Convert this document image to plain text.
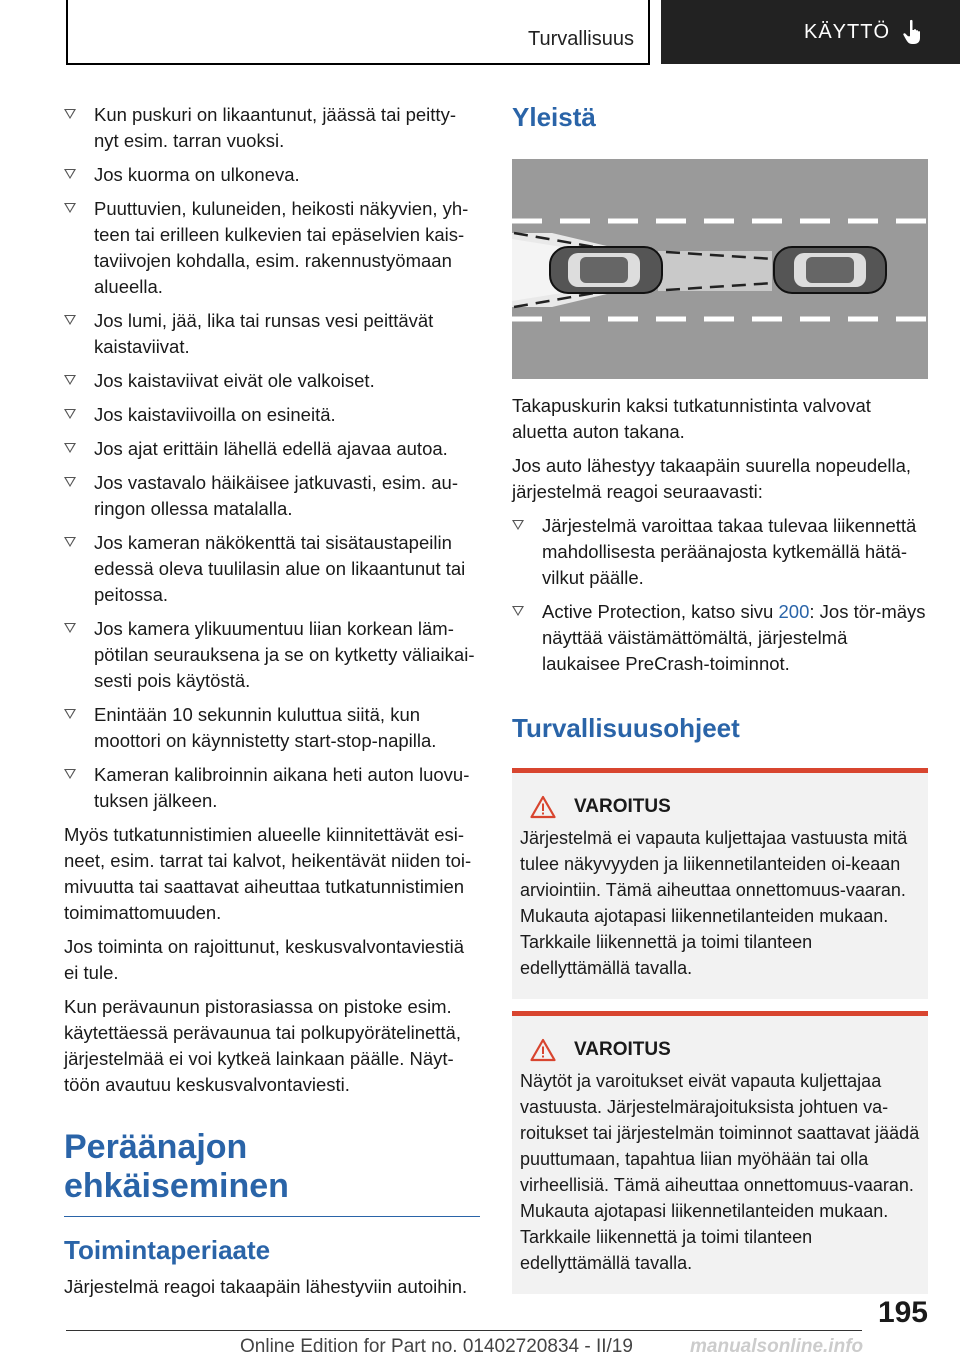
Turvallisuus	KÄYTTÖ
Kun puskuri on likaantunut, jäässä tai peitty-nyt esim. tarran vuoksi.
Jos kuorma on ulkoneva.
Puuttuvien, kuluneiden, heikosti näkyvien, yh-teen tai erilleen kulkevien tai epäselvien kais-taviivojen kohdalla, esim. rakennustyömaan alueella.
Jos lumi, jää, lika tai runsas vesi peittävät kaistaviivat.
Jos kaistaviivat eivät ole valkoiset.
Jos kaistaviivoilla on esineitä.
Jos ajat erittäin lähellä edellä ajavaa autoa.
Jos vastavalo häikäisee jatkuvasti, esim. au-ringon ollessa matalalla.
Jos kameran näkökenttä tai sisätaustapeilin edessä oleva tuulilasin alue on likaantunut tai peitossa.
Jos kamera ylikuumentuu liian korkean läm-pötilan seurauksena ja se on kytketty väliaikai-sesti pois käytöstä.
Enintään 10 sekunnin kuluttua siitä, kun moottori on käynnistetty start-stop-napilla.
Kameran kalibroinnin aikana heti auton luovu-tuksen jälkeen.

Myös tutkatunnistimien alueelle kiinnitettävät esi-neet, esim. tarrat tai kalvot, heikentävät niiden toi-mivuutta tai saattavat aiheuttaa tutkatunnistimien toimimattomuuden.

Jos toiminta on rajoittunut, keskusvalvontaviestiä ei tule.

Kun perävaunun pistorasiassa on pistoke esim. käytettäessä perävaunua tai polkupyörätelinettä, järjestelmää ei voi kytkeä lainkaan päälle. Näyt-töön avautuu keskusvalvontaviesti.

Peräänajon ehkäiseminen
Toimintaperiaate

Järjestelmä reagoi takaapäin lähestyviin autoihin.

Yleistä

Takapuskurin kaksi tutkatunnistinta valvovat aluetta auton takana.

Jos auto lähestyy takaapäin suurella nopeudella, järjestelmä reagoi seuraavasti:

Järjestelmä varoittaa takaa tulevaa liikennettä mahdollisesta peräänajosta kytkemällä hätä-vilkut päälle.
Active Protection, katso sivu 200: Jos tör-mäys näyttää väistämättömältä, järjestelmä laukaisee PreCrash-toiminnot.
Turvallisuusohjeet
VAROITUS

Järjestelmä ei vapauta kuljettajaa vastuusta mitä tulee näkyvyyden ja liikennetilanteiden oi-keaan arviointiin. Tämä aiheuttaa onnettomuus-vaaran. Mukauta ajotapasi liikennetilanteiden mukaan. Tarkkaile liikennettä ja toimi tilanteen edellyttämällä tavalla.

VAROITUS

Näytöt ja varoitukset eivät vapauta kuljettajaa vastuusta. Järjestelmärajoituksista johtuen va-roitukset tai järjestelmän toiminnot saattavat jäädä puuttumaan, tapahtua liian myöhään tai olla virheellisiä. Tämä aiheuttaa onnettomuus-vaaran. Mukauta ajotapasi liikennetilanteiden mukaan. Tarkkaile liikennettä ja toimi tilanteen edellyttämällä tavalla.

195
Online Edition for Part no. 01402720834 - II/19	manualsonline.info
